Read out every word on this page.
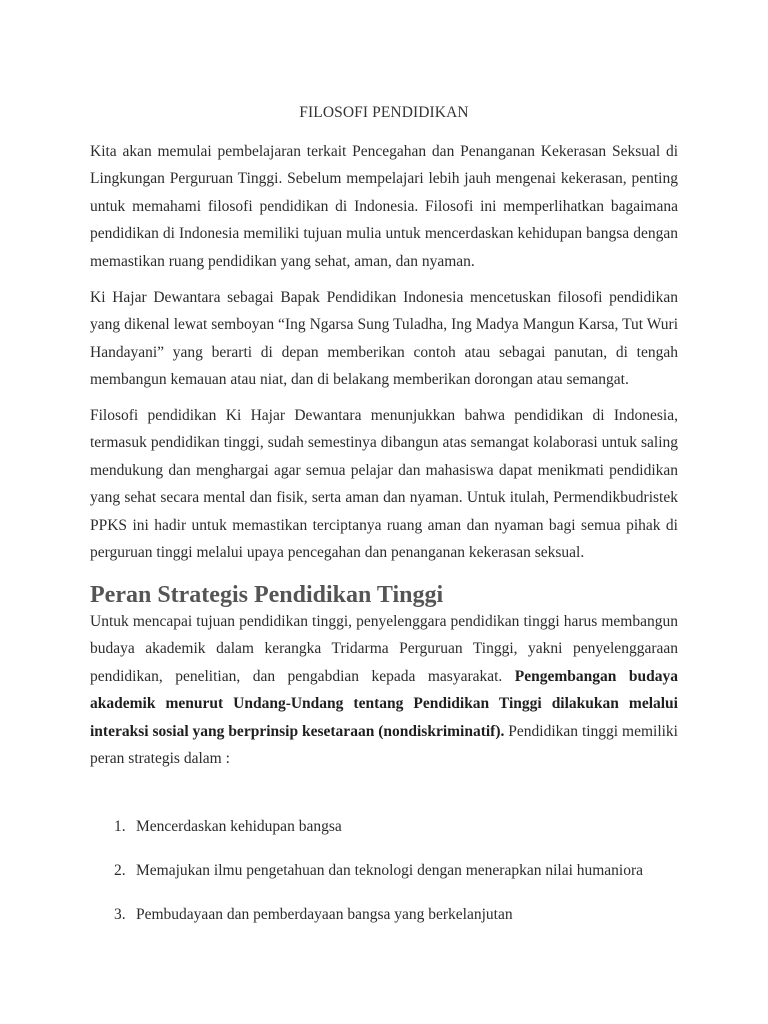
FILOSOFI PENDIDIKAN

Kita akan memulai pembelajaran terkait Pencegahan dan Penanganan Kekerasan Seksual di Lingkungan Perguruan Tinggi. Sebelum mempelajari lebih jauh mengenai kekerasan, penting untuk memahami filosofi pendidikan di Indonesia. Filosofi ini memperlihatkan bagaimana pendidikan di Indonesia memiliki tujuan mulia untuk mencerdaskan kehidupan bangsa dengan memastikan ruang pendidikan yang sehat, aman, dan nyaman.

Ki Hajar Dewantara sebagai Bapak Pendidikan Indonesia mencetuskan filosofi pendidikan yang dikenal lewat semboyan “Ing Ngarsa Sung Tuladha, Ing Madya Mangun Karsa, Tut Wuri Handayani” yang berarti di depan memberikan contoh atau sebagai panutan, di tengah membangun kemauan atau niat, dan di belakang memberikan dorongan atau semangat.

Filosofi pendidikan Ki Hajar Dewantara menunjukkan bahwa pendidikan di Indonesia, termasuk pendidikan tinggi, sudah semestinya dibangun atas semangat kolaborasi untuk saling mendukung dan menghargai agar semua pelajar dan mahasiswa dapat menikmati pendidikan yang sehat secara mental dan fisik, serta aman dan nyaman. Untuk itulah, Permendikbudristek PPKS ini hadir untuk memastikan terciptanya ruang aman dan nyaman bagi semua pihak di perguruan tinggi melalui upaya pencegahan dan penanganan kekerasan seksual.

Peran Strategis Pendidikan Tinggi

Untuk mencapai tujuan pendidikan tinggi, penyelenggara pendidikan tinggi harus membangun budaya akademik dalam kerangka Tridarma Perguruan Tinggi, yakni penyelenggaraan pendidikan, penelitian, dan pengabdian kepada masyarakat. Pengembangan budaya akademik menurut Undang-Undang tentang Pendidikan Tinggi dilakukan melalui interaksi sosial yang berprinsip kesetaraan (nondiskriminatif). Pendidikan tinggi memiliki peran strategis dalam :

1. Mencerdaskan kehidupan bangsa
2. Memajukan ilmu pengetahuan dan teknologi dengan menerapkan nilai humaniora
3. Pembudayaan dan pemberdayaan bangsa yang berkelanjutan
